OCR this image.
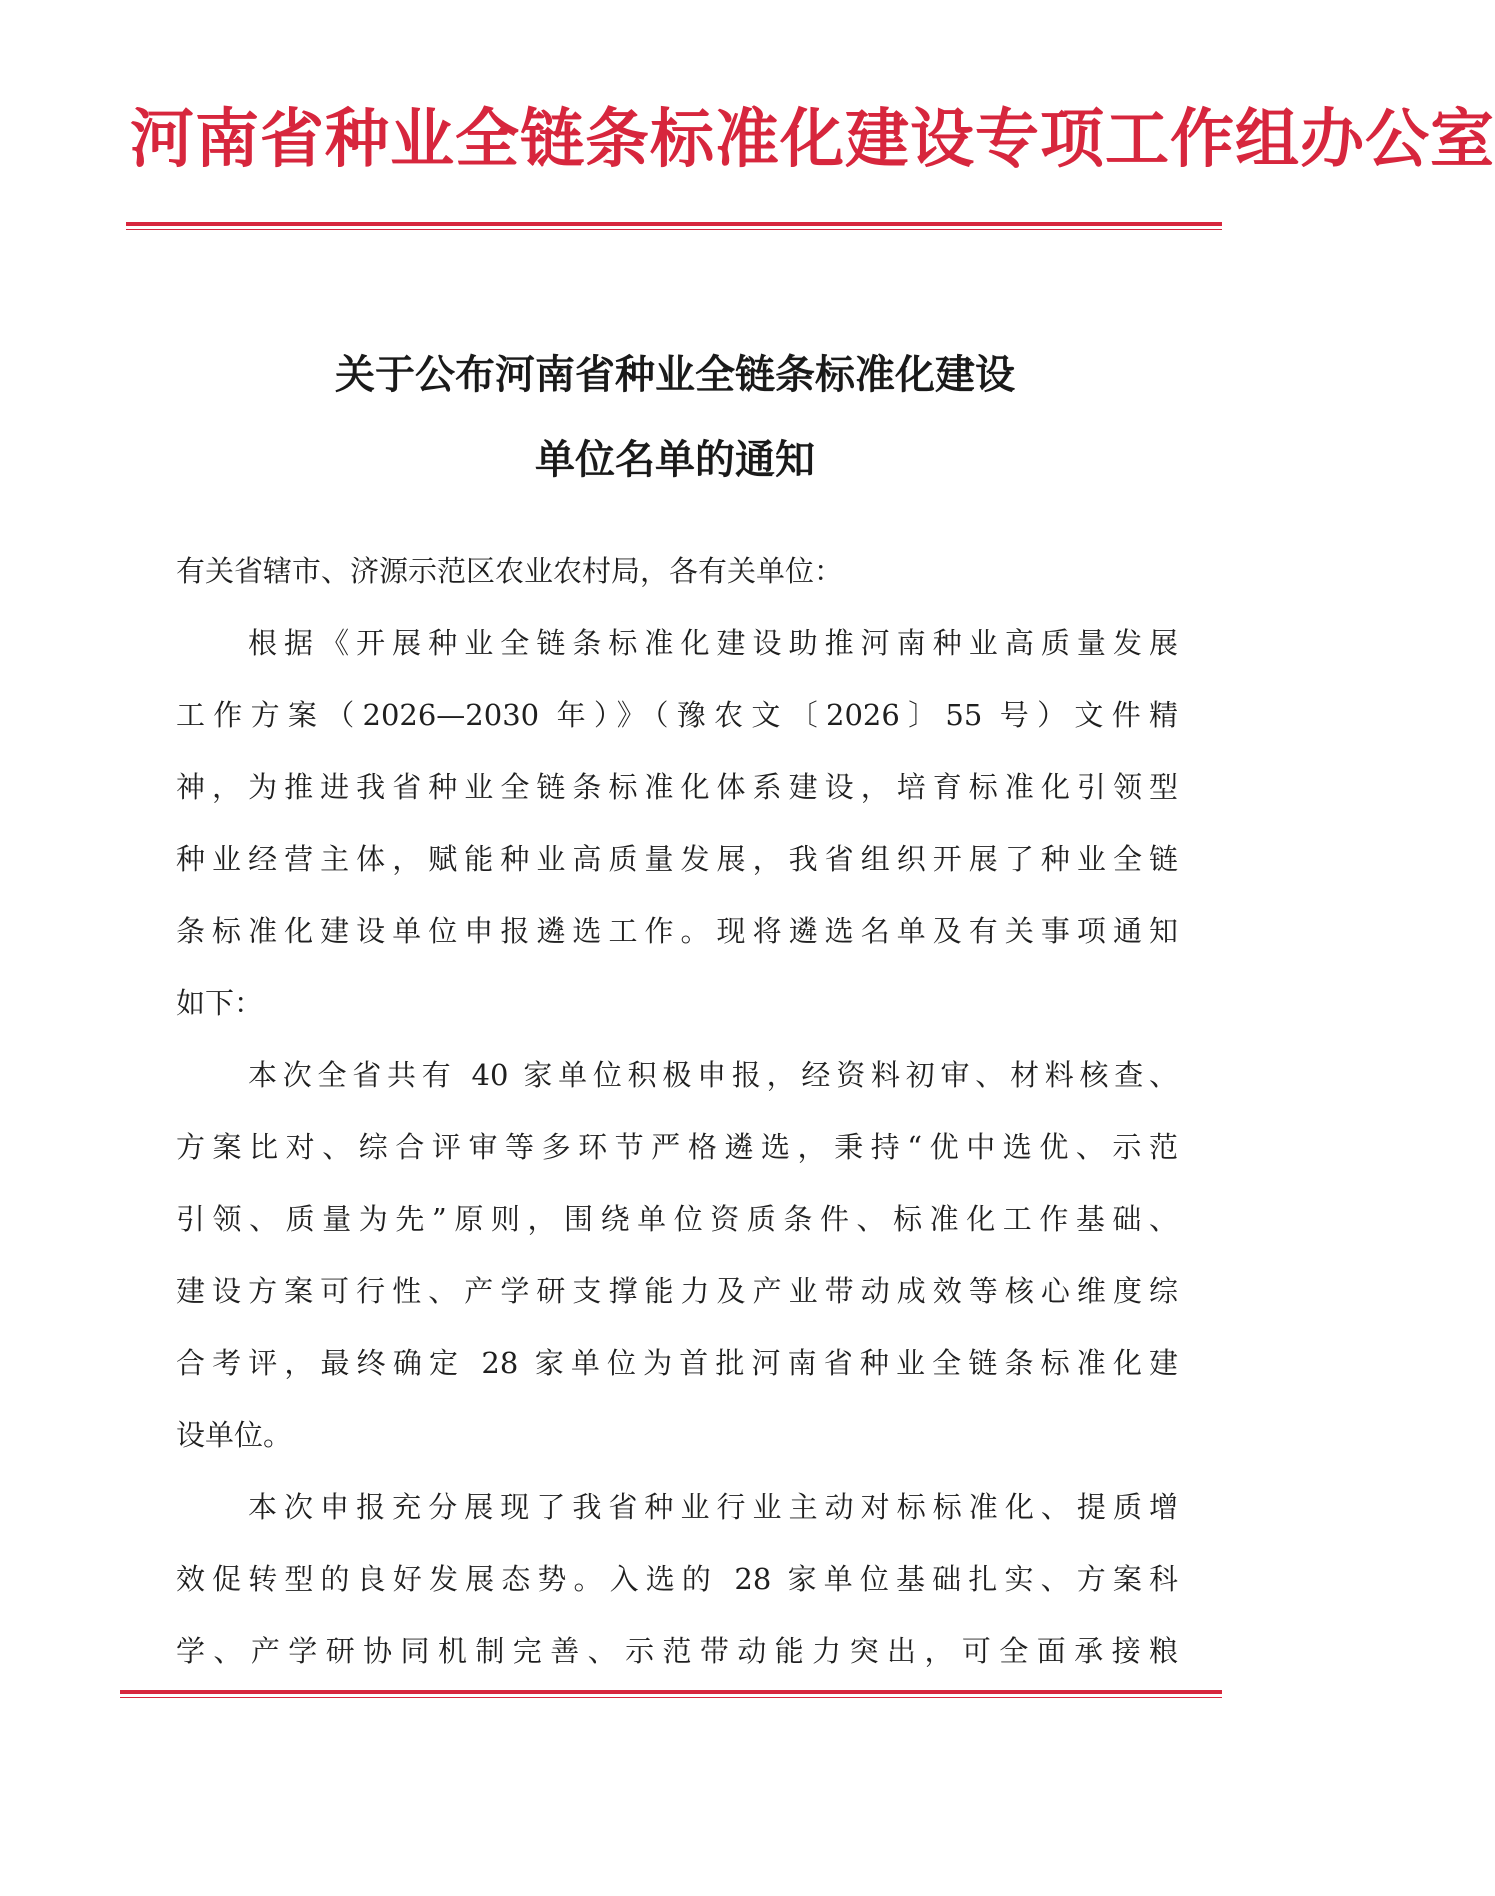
河南省种业全链条标准化建设专项工作组办公室
关于公布河南省种业全链条标准化建设
单位名单的通知
有关省辖市、济源示范区农业农村局，各有关单位：
根据《开展种业全链条标准化建设助推河南种业高质量发展
工作方案（2026—2030 年）》（豫农文〔2026〕55 号）文件精
神，为推进我省种业全链条标准化体系建设，培育标准化引领型
种业经营主体，赋能种业高质量发展，我省组织开展了种业全链
条标准化建设单位申报遴选工作。现将遴选名单及有关事项通知
如下：
本次全省共有 40 家单位积极申报，经资料初审、材料核查、
方案比对、综合评审等多环节严格遴选，秉持“优中选优、示范
引领、质量为先”原则，围绕单位资质条件、标准化工作基础、
建设方案可行性、产学研支撑能力及产业带动成效等核心维度综
合考评，最终确定 28 家单位为首批河南省种业全链条标准化建
设单位。
本次申报充分展现了我省种业行业主动对标标准化、提质增
效促转型的良好发展态势。入选的 28 家单位基础扎实、方案科
学、产学研协同机制完善、示范带动能力突出，可全面承接粮
